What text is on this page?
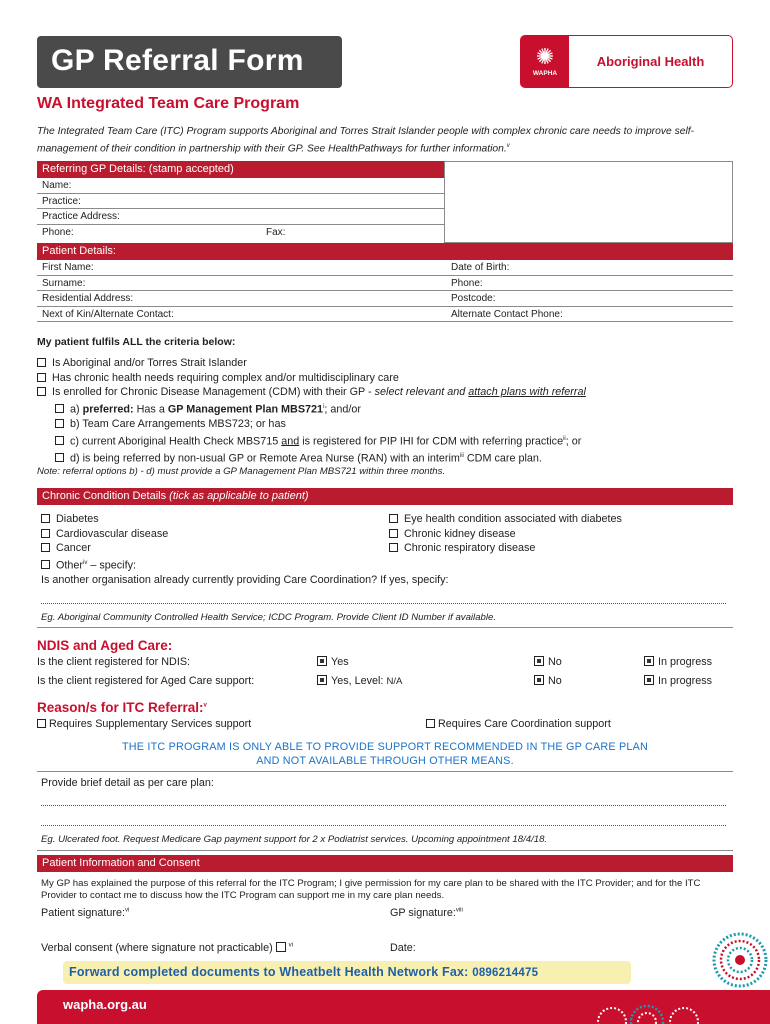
GP Referral Form	✺
WAPHA
Aboriginal Health
WA Integrated Team Care Program
The Integrated Team Care (ITC) Program supports Aboriginal and Torres Strait Islander people with complex chronic care needs to improve self-management of their condition in partnership with their GP. See HealthPathways for further information.$^v$
Referring GP Details: (stamp accepted)
Name:
Practice:
Practice Address:
Phone:	Fax:
Patient Details:
First Name:	Date of Birth:
Surname:	Phone:
Residential Address:	Postcode:
Next of Kin/Alternate Contact:	Alternate Contact Phone:
My patient fulfils ALL the criteria below:
Is Aboriginal and/or Torres Strait Islander
Has chronic health needs requiring complex and/or multidisciplinary care
Is enrolled for Chronic Disease Management (CDM) with their GP - select relevant and attach plans with referral
a) preferred: Has a GP Management Plan MBS721$^i$; and/or
b) Team Care Arrangements MBS723; or has
c) current Aboriginal Health Check MBS715 and is registered for PIP IHI for CDM with referring practice$^{ii}$; or
d) is being referred by non-usual GP or Remote Area Nurse (RAN) with an interim$^{iii}$ CDM care plan.
Note: referral options b) - d) must provide a GP Management Plan MBS721 within three months.
Chronic Condition Details (tick as applicable to patient)
Diabetes
Cardiovascular disease
Cancer
Other$^{iv}$ – specify:
Eye health condition associated with diabetes
Chronic kidney disease
Chronic respiratory disease
Is another organisation already currently providing Care Coordination? If yes, specify:
Eg. Aboriginal Community Controlled Health Service; ICDC Program. Provide Client ID Number if available.
NDIS and Aged Care:
Is the client registered for NDIS:	Yes	No	In progress
Is the client registered for Aged Care support:	Yes, Level: N/A	No	In progress
Reason/s for ITC Referral:$^v$
Requires Supplementary Services support	Requires Care Coordination support
THE ITC PROGRAM IS ONLY ABLE TO PROVIDE SUPPORT RECOMMENDED IN THE GP CARE PLAN
AND NOT AVAILABLE THROUGH OTHER MEANS.
Provide brief detail as per care plan:
Eg. Ulcerated foot. Request Medicare Gap payment support for 2 x Podiatrist services. Upcoming appointment 18/4/18.
Patient Information and Consent
My GP has explained the purpose of this referral for the ITC Program; I give permission for my care plan to be shared with the ITC Provider; and for the ITC Provider to contact me to discuss how the ITC Program can support me in my care plan needs.
Patient signature:$^{vi}$	GP signature:$^{viii}$
Verbal consent (where signature not practicable)	$^{vi}$	Date:
Forward completed documents to Wheatbelt Health Network Fax: 0896214475
wapha.org.au
